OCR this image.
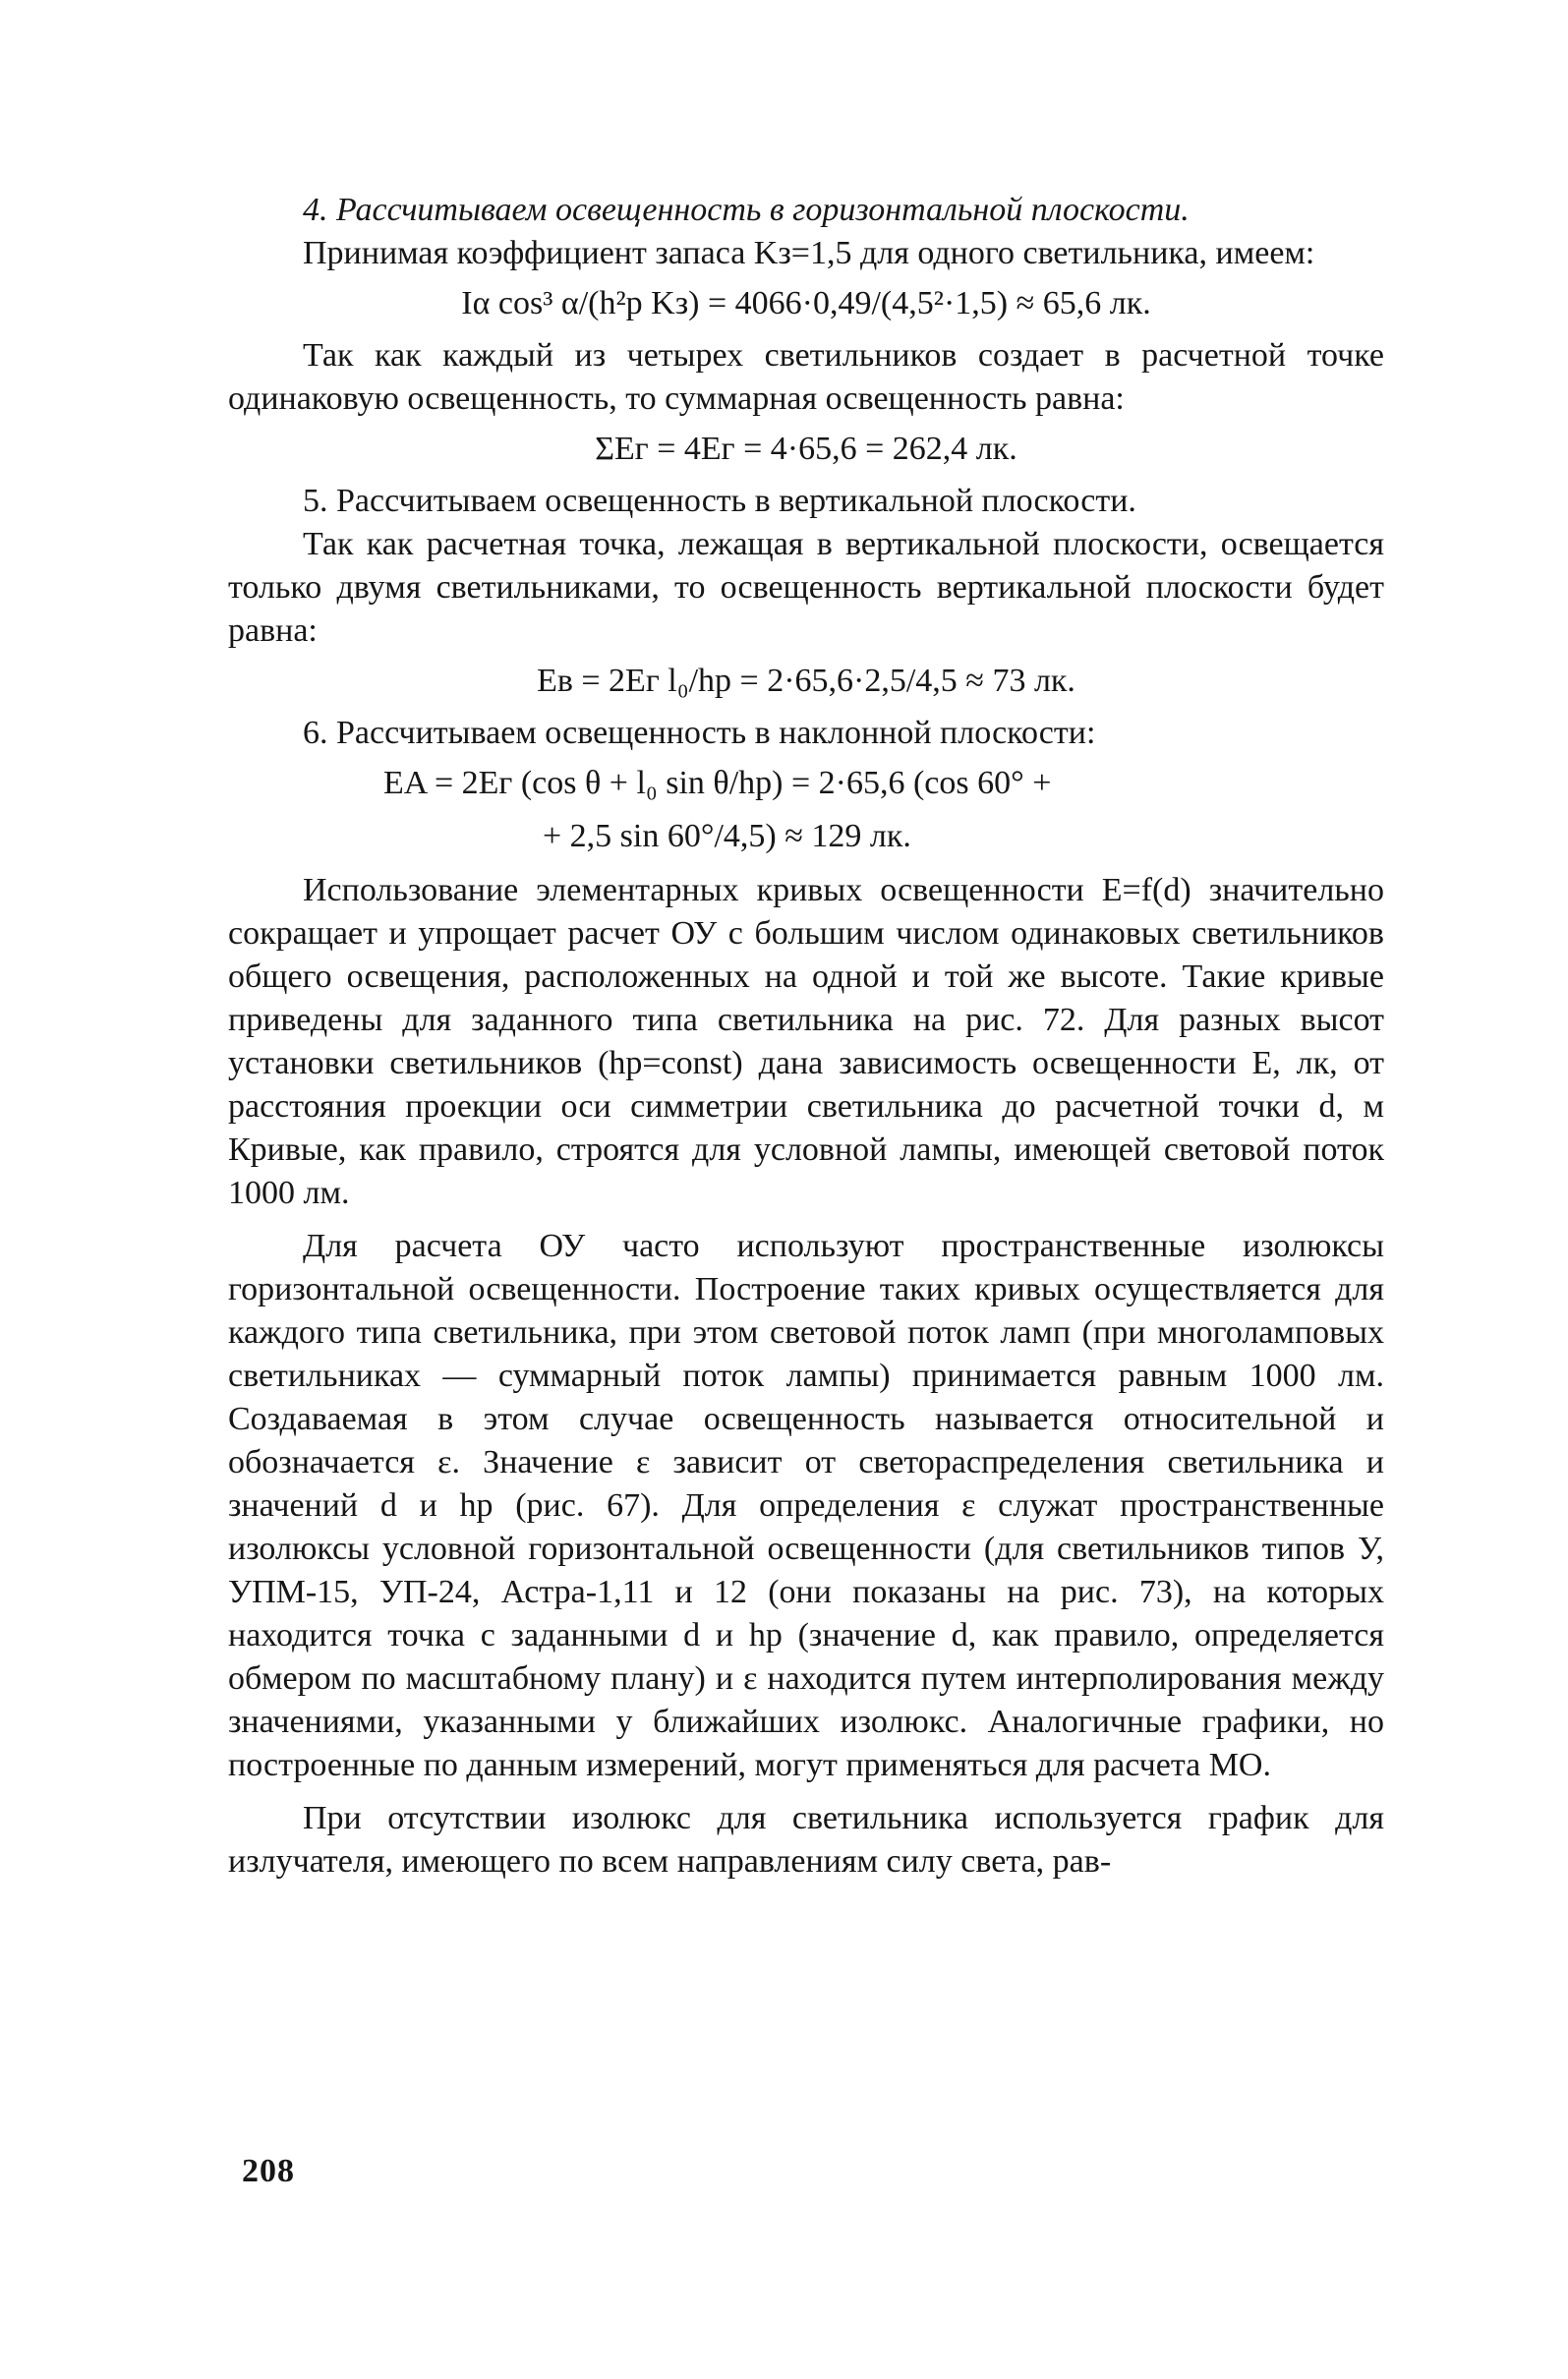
4. Рассчитываем освещенность в горизонтальной плоскости.

Принимая коэффициент запаса Kз=1,5 для одного светильника, имеем:

Iα cos³ α/(h²р Kз) = 4066·0,49/(4,5²·1,5) ≈ 65,6 лк.

Так как каждый из четырех светильников создает в расчетной точке одинаковую освещенность, то суммарная освещенность равна:

ΣEг = 4Eг = 4·65,6 = 262,4 лк.

5. Рассчитываем освещенность в вертикальной плоскости.

Так как расчетная точка, лежащая в вертикальной плоскости, освещается только двумя светильниками, то освещенность вертикальной плоскости будет равна:

Eв = 2Eг l₀/hр = 2·65,6·2,5/4,5 ≈ 73 лк.

6. Рассчитываем освещенность в наклонной плоскости:

EA = 2Eг (cos θ + l₀ sin θ/hр) = 2·65,6 (cos 60° +
+ 2,5 sin 60°/4,5) ≈ 129 лк.

Использование элементарных кривых освещенности E=f(d) значительно сокращает и упрощает расчет ОУ с большим числом одинаковых светильников общего освещения, расположенных на одной и той же высоте. Такие кривые приведены для заданного типа светильника на рис. 72. Для разных высот установки светильников (hр=const) дана зависимость освещенности E, лк, от расстояния проекции оси симметрии светильника до расчетной точки d, м Кривые, как правило, строятся для условной лампы, имеющей световой поток 1000 лм.

Для расчета ОУ часто используют пространственные изолюксы горизонтальной освещенности. Построение таких кривых осуществляется для каждого типа светильника, при этом световой поток ламп (при многоламповых светильниках — суммарный поток лампы) принимается равным 1000 лм. Создаваемая в этом случае освещенность называется относительной и обозначается ε. Значение ε зависит от светораспределения светильника и значений d и hр (рис. 67). Для определения ε служат пространственные изолюксы условной горизонтальной освещенности (для светильников типов У, УПМ-15, УП-24, Астра-1,11 и 12 (они показаны на рис. 73), на которых находится точка с заданными d и hр (значение d, как правило, определяется обмером по масштабному плану) и ε находится путем интерполирования между значениями, указанными у ближайших изолюкс. Аналогичные графики, но построенные по данным измерений, могут применяться для расчета МО.

При отсутствии изолюкс для светильника используется график для излучателя, имеющего по всем направлениям силу света, рав-

208
